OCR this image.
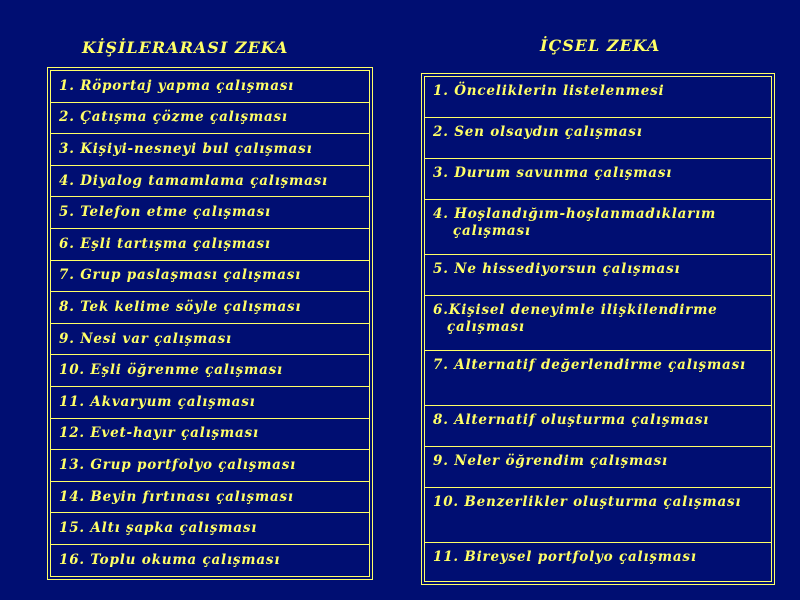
KİŞİLERARASI ZEKA	İÇSEL ZEKA
1. Röportaj yapma çalışması
2. Çatışma çözme çalışması
3. Kişiyi-nesneyi bul çalışması
4. Diyalog tamamlama çalışması
5. Telefon etme çalışması
6. Eşli tartışma çalışması
7. Grup paslaşması çalışması
8. Tek kelime söyle çalışması
9. Nesi var çalışması
10. Eşli öğrenme çalışması
11. Akvaryum çalışması
12. Evet-hayır çalışması
13. Grup portfolyo çalışması
14. Beyin fırtınası çalışması
15. Altı şapka çalışması
16. Toplu okuma çalışması
1. Önceliklerin listelenmesi
2. Sen olsaydın çalışması
3. Durum savunma çalışması
4. Hoşlandığım-hoşlanmadıklarım
çalışması
5. Ne hissediyorsun çalışması
6.Kişisel deneyimle ilişkilendirme
çalışması
7. Alternatif değerlendirme çalışması
8. Alternatif oluşturma çalışması
9. Neler öğrendim çalışması
10. Benzerlikler oluşturma çalışması
11. Bireysel portfolyo çalışması
